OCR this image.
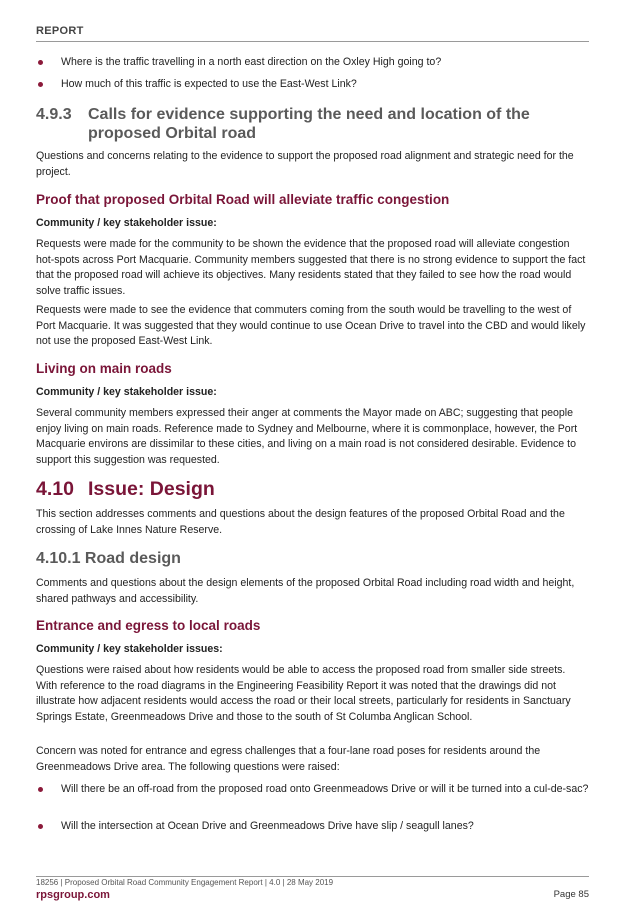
REPORT
Where is the traffic travelling in a north east direction on the Oxley High going to?
How much of this traffic is expected to use the East-West Link?
4.9.3 Calls for evidence supporting the need and location of the
proposed Orbital road

Questions and concerns relating to the evidence to support the proposed road alignment and strategic need for the project.

Proof that proposed Orbital Road will alleviate traffic congestion
Community / key stakeholder issue:

Requests were made for the community to be shown the evidence that the proposed road will alleviate congestion hot-spots across Port Macquarie. Community members suggested that there is no strong evidence to support the fact that the proposed road will achieve its objectives. Many residents stated that they failed to see how the road would solve traffic issues.

Requests were made to see the evidence that commuters coming from the south would be travelling to the west of Port Macquarie. It was suggested that they would continue to use Ocean Drive to travel into the CBD and would likely not use the proposed East-West Link.

Living on main roads
Community / key stakeholder issue:

Several community members expressed their anger at comments the Mayor made on ABC; suggesting that people enjoy living on main roads. Reference made to Sydney and Melbourne, where it is commonplace, however, the Port Macquarie environs are dissimilar to these cities, and living on a main road is not considered desirable. Evidence to support this suggestion was requested.

4.10 Issue: Design

This section addresses comments and questions about the design features of the proposed Orbital Road and the crossing of Lake Innes Nature Reserve.

4.10.1 Road design

Comments and questions about the design elements of the proposed Orbital Road including road width and height, shared pathways and accessibility.

Entrance and egress to local roads
Community / key stakeholder issues:

Questions were raised about how residents would be able to access the proposed road from smaller side streets. With reference to the road diagrams in the Engineering Feasibility Report it was noted that the drawings did not illustrate how adjacent residents would access the road or their local streets, particularly for residents in Sanctuary Springs Estate, Greenmeadows Drive and those to the south of St Columba Anglican School.

Concern was noted for entrance and egress challenges that a four-lane road poses for residents around the Greenmeadows Drive area. The following questions were raised:

Will there be an off-road from the proposed road onto Greenmeadows Drive or will it be turned into a cul-de-sac?
Will the intersection at Ocean Drive and Greenmeadows Drive have slip / seagull lanes?
18256 | Proposed Orbital Road Community Engagement Report | 4.0 | 28 May 2019
rpsgroup.com	Page 85
